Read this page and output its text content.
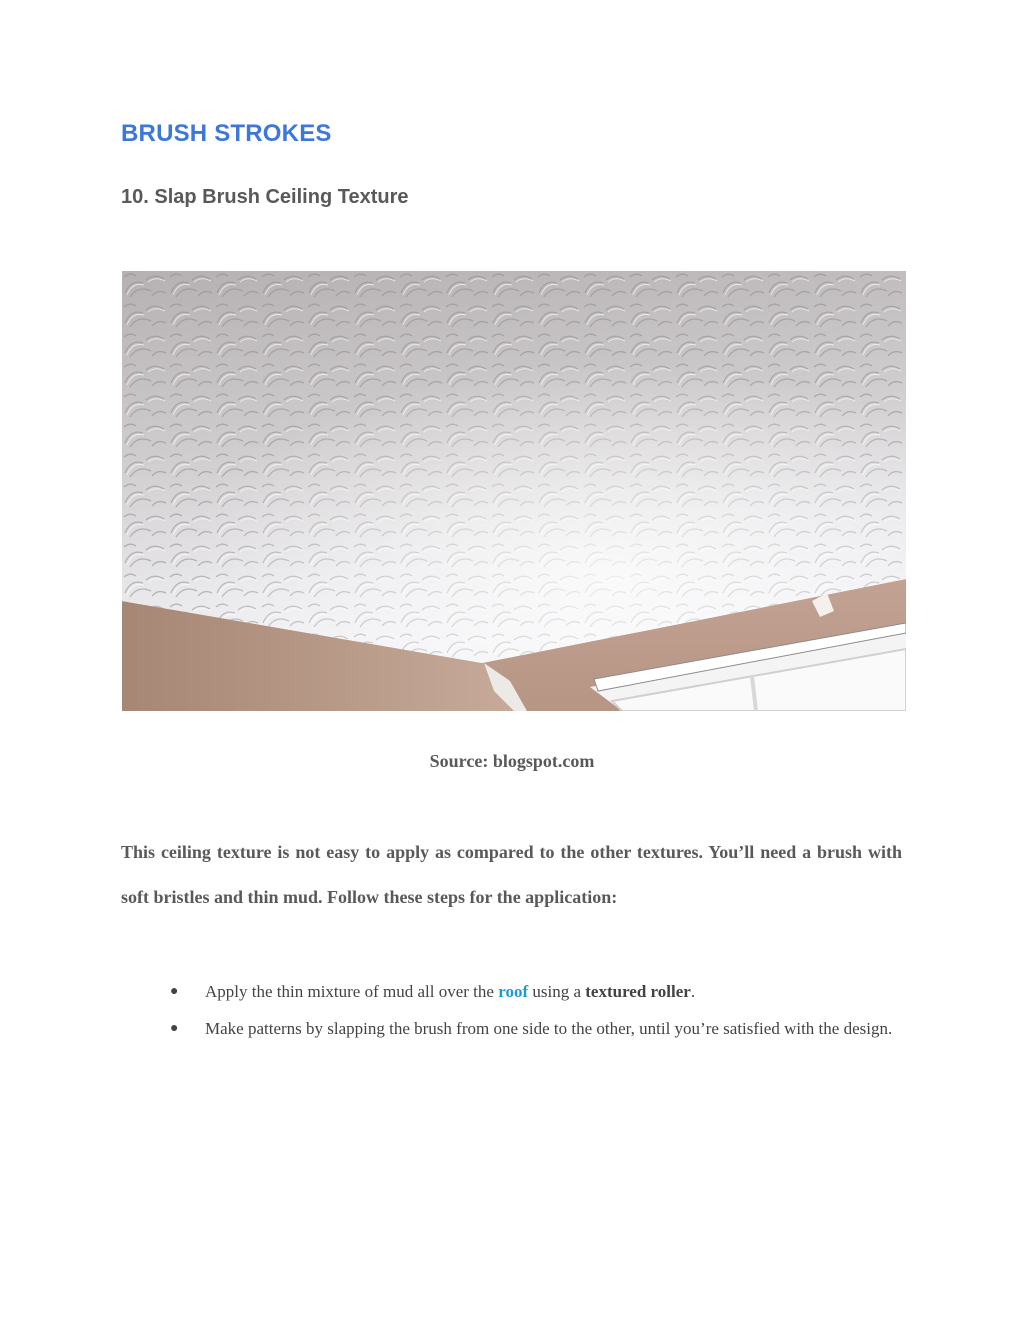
BRUSH STROKES
10. Slap Brush Ceiling Texture

Source: blogspot.com

This ceiling texture is not easy to apply as compared to the other textures. You’ll need a brush with soft bristles and thin mud. Follow these steps for the application:

● Apply the thin mixture of mud all over the roof using a textured roller.
● Make patterns by slapping the brush from one side to the other, until you’re satisfied with the design.
